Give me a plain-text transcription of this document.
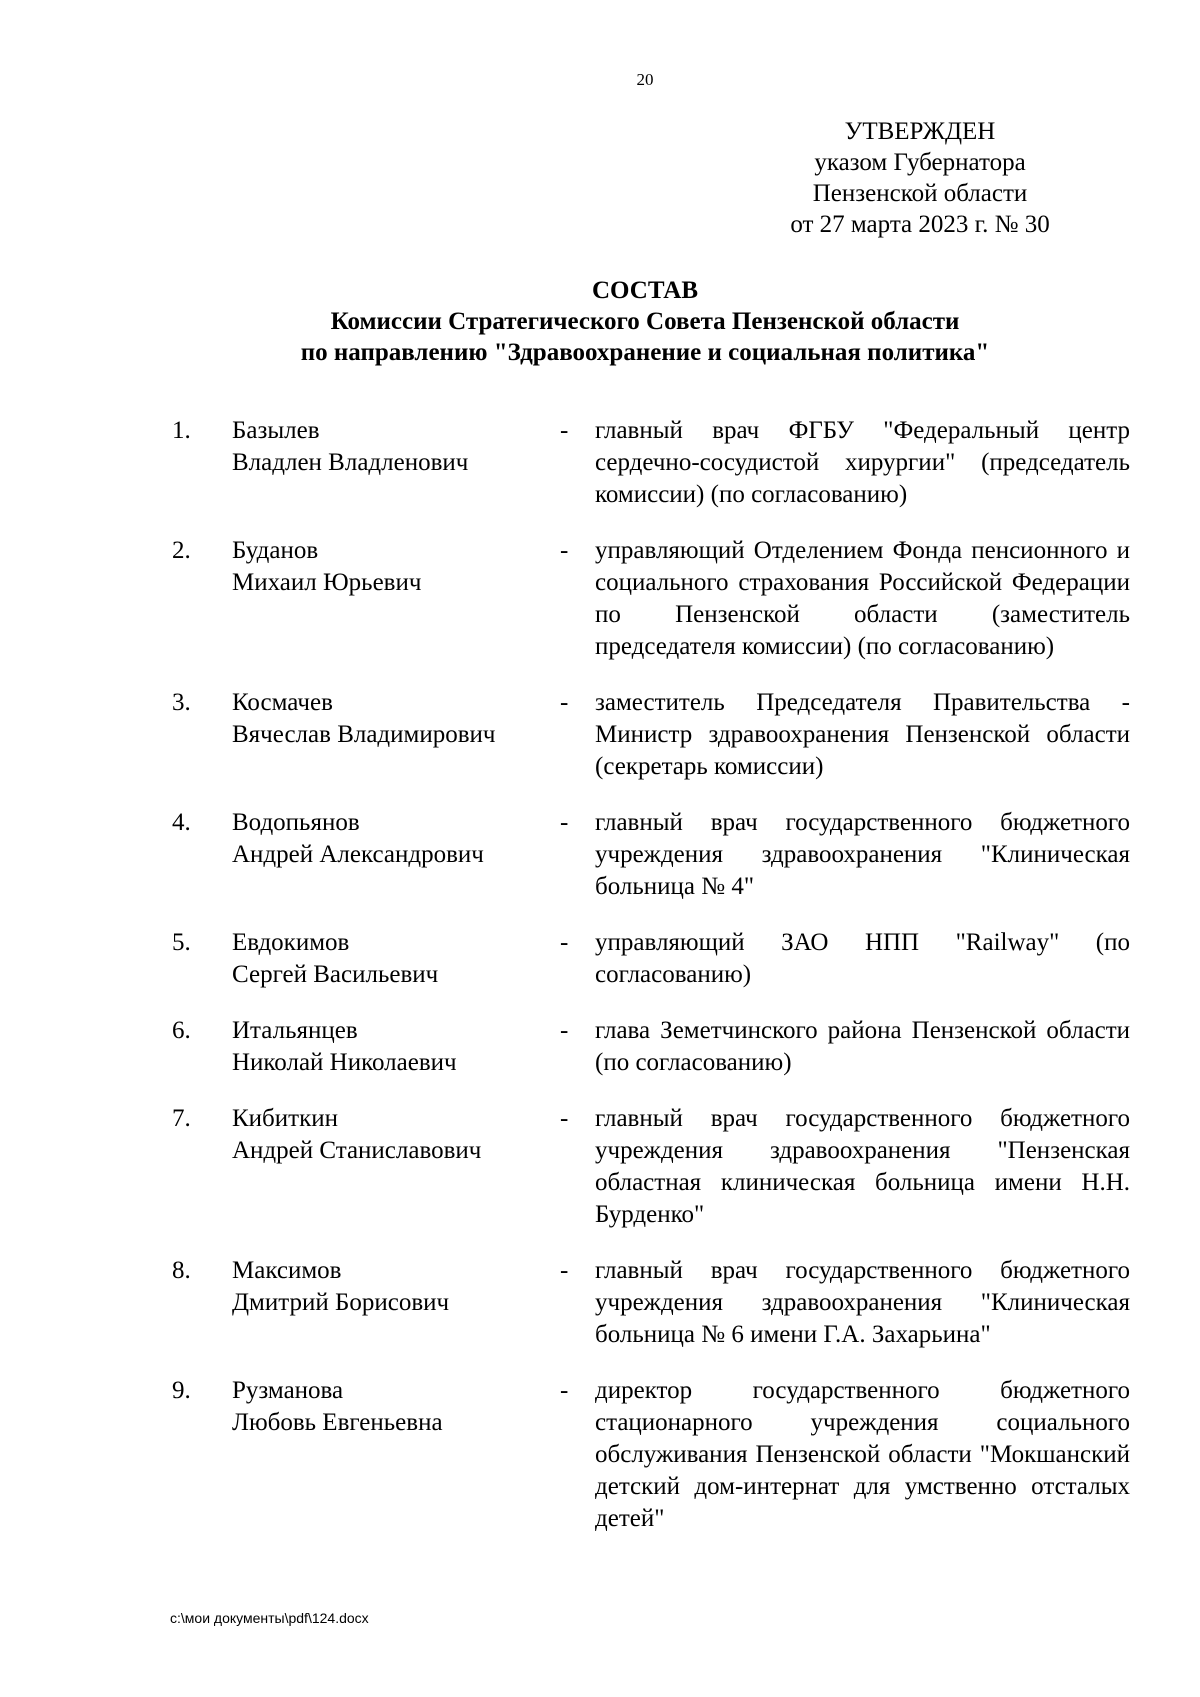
20
УТВЕРЖДЕН
указом Губернатора
Пензенской области
от 27 марта 2023 г. № 30
СОСТАВ
Комиссии Стратегического Совета Пензенской области
по направлению "Здравоохранение и социальная политика"
1. Базылев
Владлен Владленович
- главный врач ФГБУ "Федеральный центр сердечно-сосудистой хирургии" (председатель комиссии) (по согласованию)
2. Буданов
Михаил Юрьевич
- управляющий Отделением Фонда пенсионного и социального страхования Российской Федерации по Пензенской области (заместитель председателя комиссии) (по согласованию)
3. Космачев
Вячеслав Владимирович
- заместитель Председателя Правительства - Министр здравоохранения Пензенской области (секретарь комиссии)
4. Водопьянов
Андрей Александрович
- главный врач государственного бюджетного учреждения здравоохранения "Клиническая больница № 4"
5. Евдокимов
Сергей Васильевич
- управляющий ЗАО НПП "Railway" (по согласованию)
6. Итальянцев
Николай Николаевич
- глава Земетчинского района Пензенской области (по согласованию)
7. Кибиткин
Андрей Станиславович
- главный врач государственного бюджетного учреждения здравоохранения "Пензенская областная клиническая больница имени Н.Н. Бурденко"
8. Максимов
Дмитрий Борисович
- главный врач государственного бюджетного учреждения здравоохранения "Клиническая больница № 6 имени Г.А. Захарьина"
9. Рузманова
Любовь Евгеньевна
- директор государственного бюджетного стационарного учреждения социального обслуживания Пензенской области "Мокшанский детский дом-интернат для умственно отсталых детей"
c:\мои документы\pdf\124.docx
